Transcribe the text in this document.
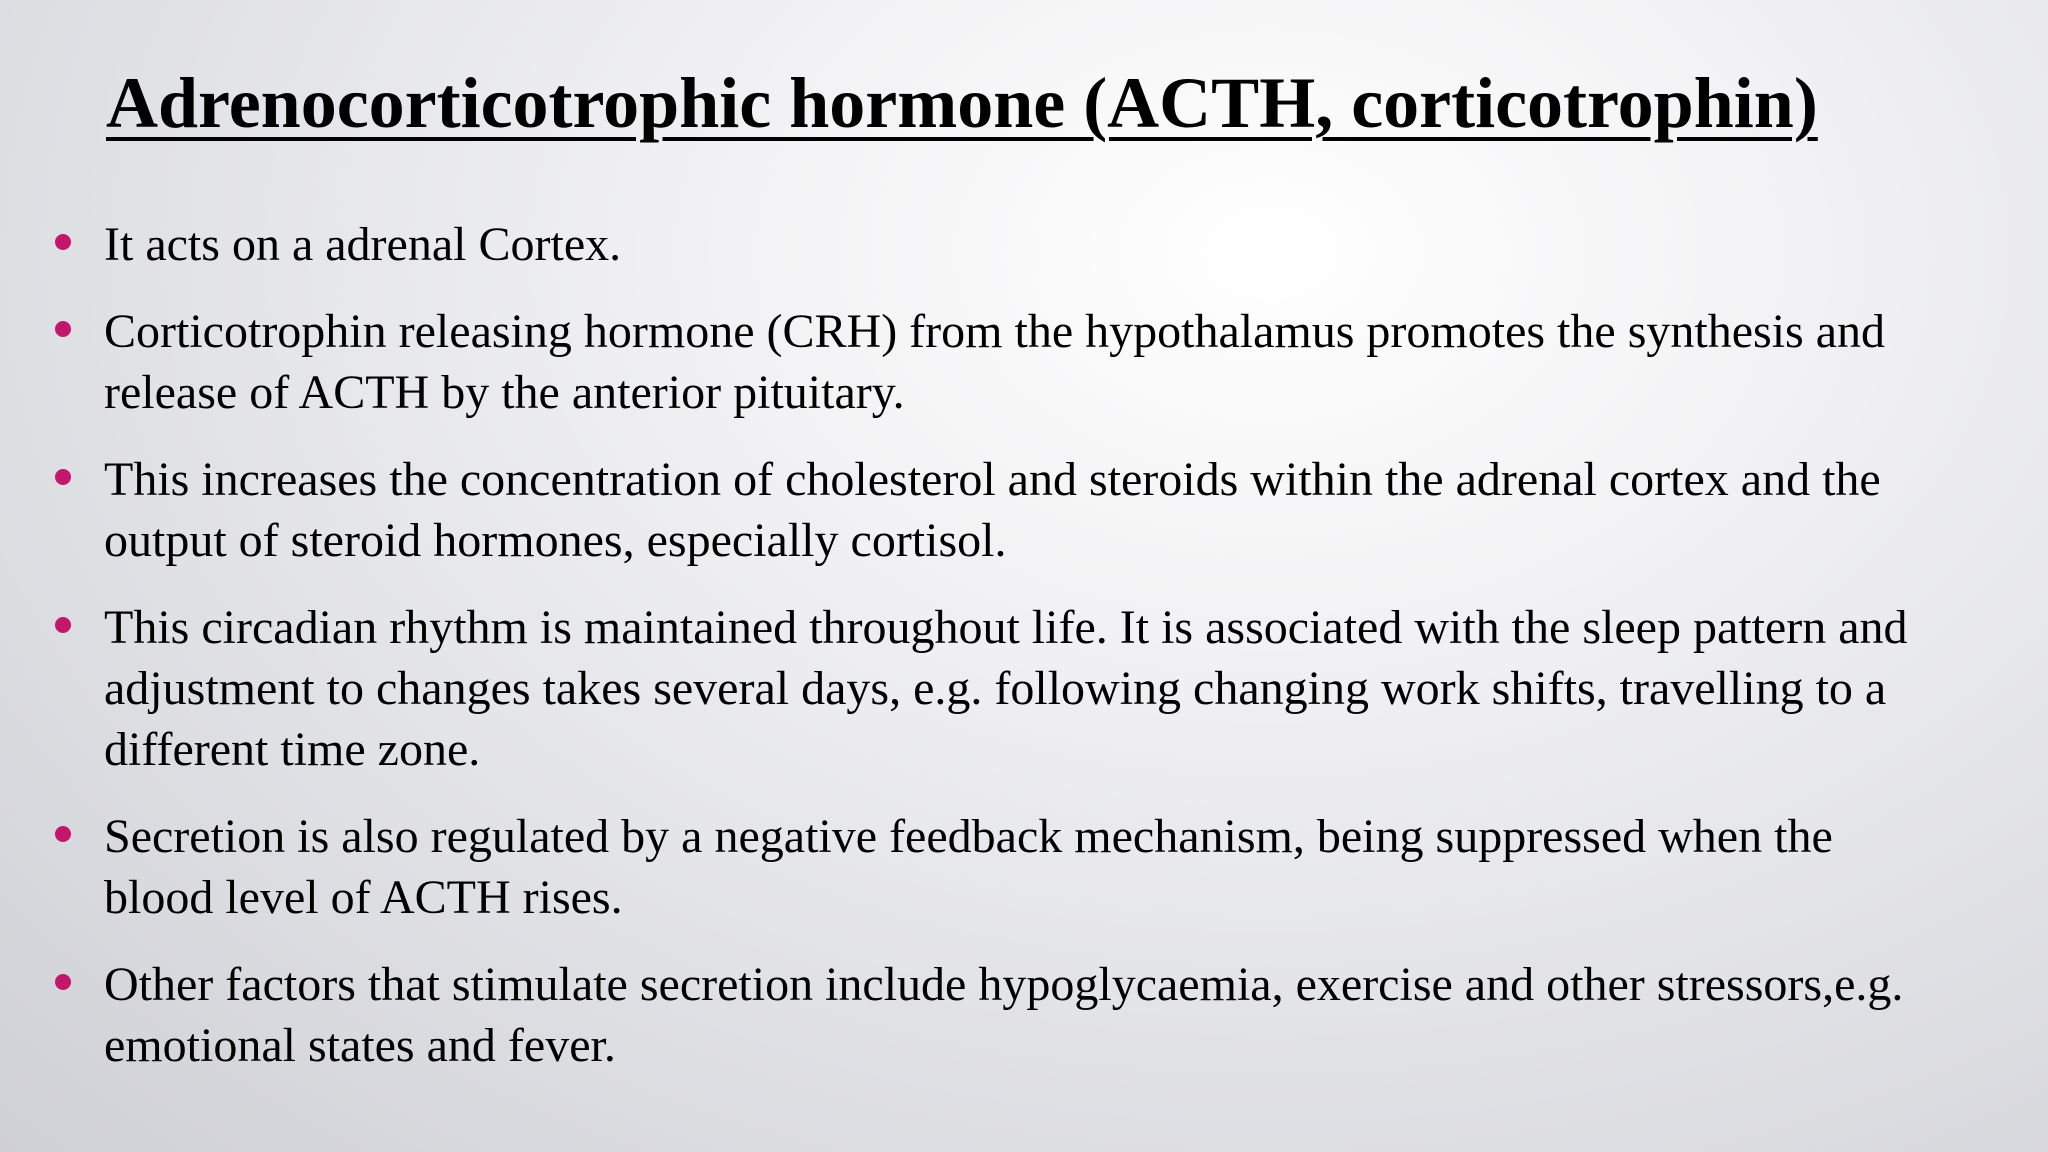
Adrenocorticotrophic hormone (ACTH, corticotrophin)
It acts on a adrenal Cortex.
Corticotrophin releasing hormone (CRH) from the hypothalamus promotes the synthesis and
release of ACTH by the anterior pituitary.
This increases the concentration of cholesterol and steroids within the adrenal cortex and the
output of steroid hormones, especially cortisol.
This circadian rhythm is maintained throughout life. It is associated with the sleep pattern and
adjustment to changes takes several days, e.g. following changing work shifts, travelling to a
different time zone.
Secretion is also regulated by a negative feedback mechanism, being suppressed when the
blood level of ACTH rises.
Other factors that stimulate secretion include hypoglycaemia, exercise and other stressors,e.g.
emotional states and fever.
